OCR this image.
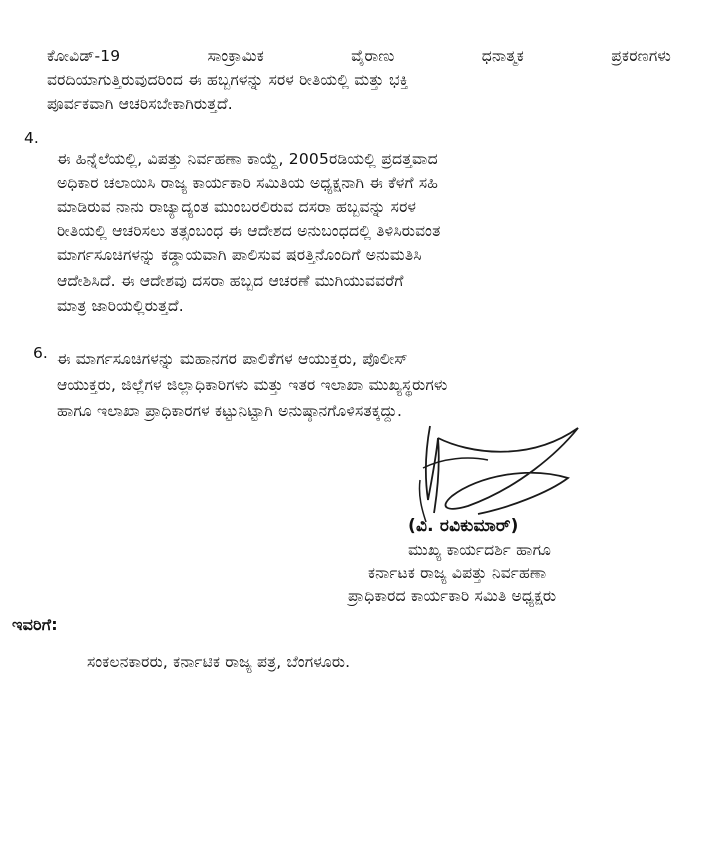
ಕೋವಿಡ್-19	ಸಾಂಕ್ರಾಮಿಕ	ವೈರಾಣು	ಧನಾತ್ಮಕ	ಪ್ರಕರಣಗಳು
ವರದಿಯಾಗುತ್ತಿರುವುದರಿಂದ ಈ ಹಬ್ಬಗಳನ್ನು ಸರಳ ರೀತಿಯಲ್ಲಿ ಮತ್ತು ಭಕ್ತಿ
ಪೂರ್ವಕವಾಗಿ ಆಚರಿಸಬೇಕಾಗಿರುತ್ತದೆ.
4.
ಈ ಹಿನ್ನೆಲೆಯಲ್ಲಿ, ವಿಪತ್ತು ನಿರ್ವಹಣಾ ಕಾಯ್ದೆ, 2005ರಡಿಯಲ್ಲಿ ಪ್ರದತ್ತವಾದ
ಅಧಿಕಾರ ಚಲಾಯಿಸಿ ರಾಜ್ಯ ಕಾರ್ಯಕಾರಿ ಸಮಿತಿಯ ಅಧ್ಯಕ್ಷನಾಗಿ ಈ ಕೆಳಗೆ ಸಹಿ
ಮಾಡಿರುವ ನಾನು ರಾಜ್ಯಾದ್ಯಂತ ಮುಂಬರಲಿರುವ ದಸರಾ ಹಬ್ಬವನ್ನು ಸರಳ
ರೀತಿಯಲ್ಲಿ ಆಚರಿಸಲು ತತ್ಸಂಬಂಧ ಈ ಆದೇಶದ ಅನುಬಂಧದಲ್ಲಿ ತಿಳಿಸಿರುವಂತ
ಮಾರ್ಗಸೂಚಿಗಳನ್ನು ಕಡ್ಡಾಯವಾಗಿ ಪಾಲಿಸುವ ಷರತ್ತಿನೊಂದಿಗೆ ಅನುಮತಿಸಿ
ಆದೇಶಿಸಿದೆ. ಈ ಆದೇಶವು ದಸರಾ ಹಬ್ಬದ ಆಚರಣೆ ಮುಗಿಯುವವರೆಗೆ
ಮಾತ್ರ ಜಾರಿಯಲ್ಲಿರುತ್ತದೆ.
6. ಈ ಮಾರ್ಗಸೂಚಿಗಳನ್ನು ಮಹಾನಗರ ಪಾಲಿಕೆಗಳ ಆಯುಕ್ತರು, ಪೊಲೀಸ್
ಆಯುಕ್ತರು, ಜಿಲ್ಲೆಗಳ ಜಿಲ್ಲಾಧಿಕಾರಿಗಳು ಮತ್ತು ಇತರ ಇಲಾಖಾ ಮುಖ್ಯಸ್ಥರುಗಳು
ಹಾಗೂ ಇಲಾಖಾ ಪ್ರಾಧಿಕಾರಗಳ ಕಟ್ಟುನಿಟ್ಟಾಗಿ ಅನುಷ್ಠಾನಗೊಳಿಸತಕ್ಕದ್ದು.
(ವಿ. ರವಿಕುಮಾರ್)
ಮುಖ್ಯ ಕಾರ್ಯದರ್ಶಿ ಹಾಗೂ
ಕರ್ನಾಟಕ ರಾಜ್ಯ ವಿಪತ್ತು ನಿರ್ವಹಣಾ
ಪ್ರಾಧಿಕಾರದ ಕಾರ್ಯಕಾರಿ ಸಮಿತಿ ಅಧ್ಯಕ್ಷರು
ಇವರಿಗೆ:
ಸಂಕಲನಕಾರರು, ಕರ್ನಾಟಿಕ ರಾಜ್ಯ ಪತ್ರ, ಬೆಂಗಳೂರು.
